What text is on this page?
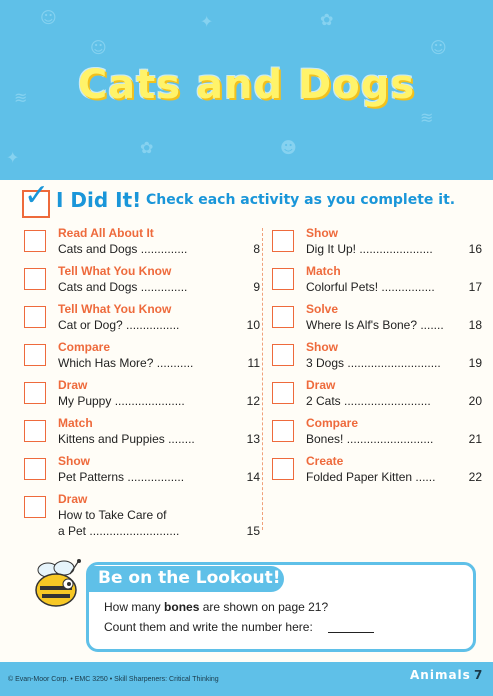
☺	✦	✿
☺
≋
✿	☻
≋
✦
☺
Cats and Dogs
✓ I Did It! Check each activity as you complete it.
Read All About It
Cats and Dogs ..............	8
Tell What You Know
Cats and Dogs ..............	9
Tell What You Know
Cat or Dog? ................	10
Compare
Which Has More? ...........	11
Draw
My Puppy .....................	12
Match
Kittens and Puppies ........	13
Show
Pet Patterns .................	14
Draw
How to Take Care of
a Pet ...........................	15
Show
Dig It Up! ......................	16
Match
Colorful Pets! ................	17
Solve
Where Is Alf's Bone? ....... 18
Show
3 Dogs ............................ 19
Draw
2 Cats ..........................	20
Compare
Bones! ..........................	21
Create
Folded Paper Kitten ......	22
Be on the Lookout!
How many bones are shown on page 21?
Count them and write the number here:
© Evan-Moor Corp. • EMC 3250 • Skill Sharpeners: Critical Thinking	Animals 7
